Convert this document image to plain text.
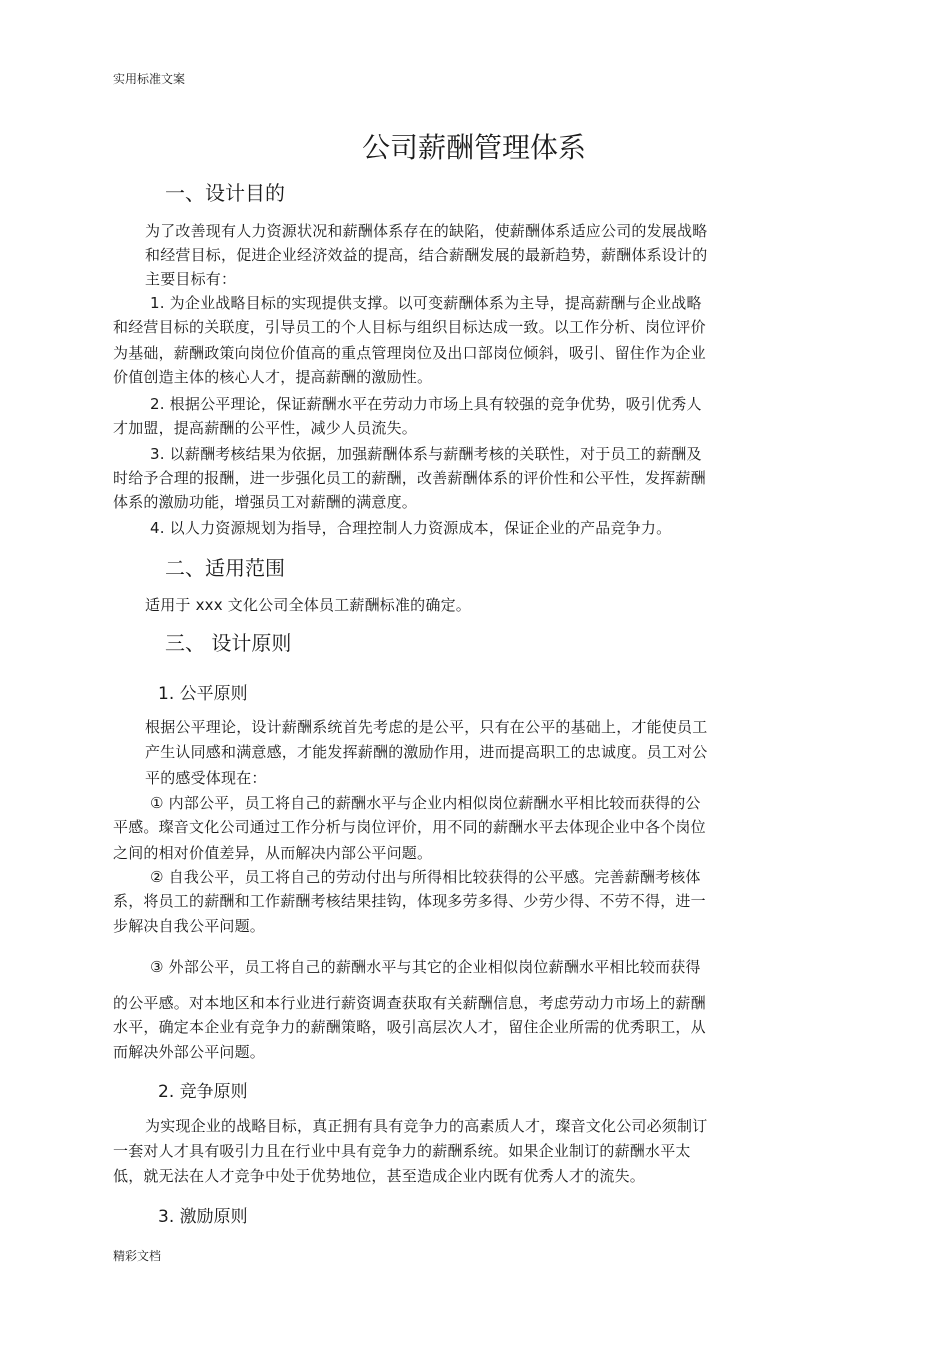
实用标准文案
精彩文档
公司薪酬管理体系
一、设计目的
为了改善现有人力资源状况和薪酬体系存在的缺陷，使薪酬体系适应公司的发展战略
和经营目标，促进企业经济效益的提高，结合薪酬发展的最新趋势，薪酬体系设计的
主要目标有：
1. 为企业战略目标的实现提供支撑。以可变薪酬体系为主导，提高薪酬与企业战略
和经营目标的关联度，引导员工的个人目标与组织目标达成一致。以工作分析、岗位评价
为基础，薪酬政策向岗位价值高的重点管理岗位及出口部岗位倾斜，吸引、留住作为企业
价值创造主体的核心人才，提高薪酬的激励性。
2. 根据公平理论，保证薪酬水平在劳动力市场上具有较强的竞争优势，吸引优秀人
才加盟，提高薪酬的公平性，减少人员流失。
3. 以薪酬考核结果为依据，加强薪酬体系与薪酬考核的关联性，对于员工的薪酬及
时给予合理的报酬，进一步强化员工的薪酬，改善薪酬体系的评价性和公平性，发挥薪酬
体系的激励功能，增强员工对薪酬的满意度。
4. 以人力资源规划为指导，合理控制人力资源成本，保证企业的产品竞争力。
二、适用范围
适用于 xxx 文化公司全体员工薪酬标准的确定。
三、 设计原则
1. 公平原则
根据公平理论，设计薪酬系统首先考虑的是公平，只有在公平的基础上，才能使员工
产生认同感和满意感，才能发挥薪酬的激励作用，进而提高职工的忠诚度。员工对公
平的感受体现在：
① 内部公平，员工将自己的薪酬水平与企业内相似岗位薪酬水平相比较而获得的公
平感。璨音文化公司通过工作分析与岗位评价，用不同的薪酬水平去体现企业中各个岗位
之间的相对价值差异，从而解决内部公平问题。
② 自我公平，员工将自己的劳动付出与所得相比较获得的公平感。完善薪酬考核体
系，将员工的薪酬和工作薪酬考核结果挂钩，体现多劳多得、少劳少得、不劳不得，进一
步解决自我公平问题。
③ 外部公平，员工将自己的薪酬水平与其它的企业相似岗位薪酬水平相比较而获得
的公平感。对本地区和本行业进行薪资调查获取有关薪酬信息，考虑劳动力市场上的薪酬
水平，确定本企业有竞争力的薪酬策略，吸引高层次人才，留住企业所需的优秀职工，从
而解决外部公平问题。
2. 竞争原则
为实现企业的战略目标，真正拥有具有竞争力的高素质人才，璨音文化公司必须制订
一套对人才具有吸引力且在行业中具有竞争力的薪酬系统。如果企业制订的薪酬水平太
低，就无法在人才竞争中处于优势地位，甚至造成企业内既有优秀人才的流失。
3. 激励原则
